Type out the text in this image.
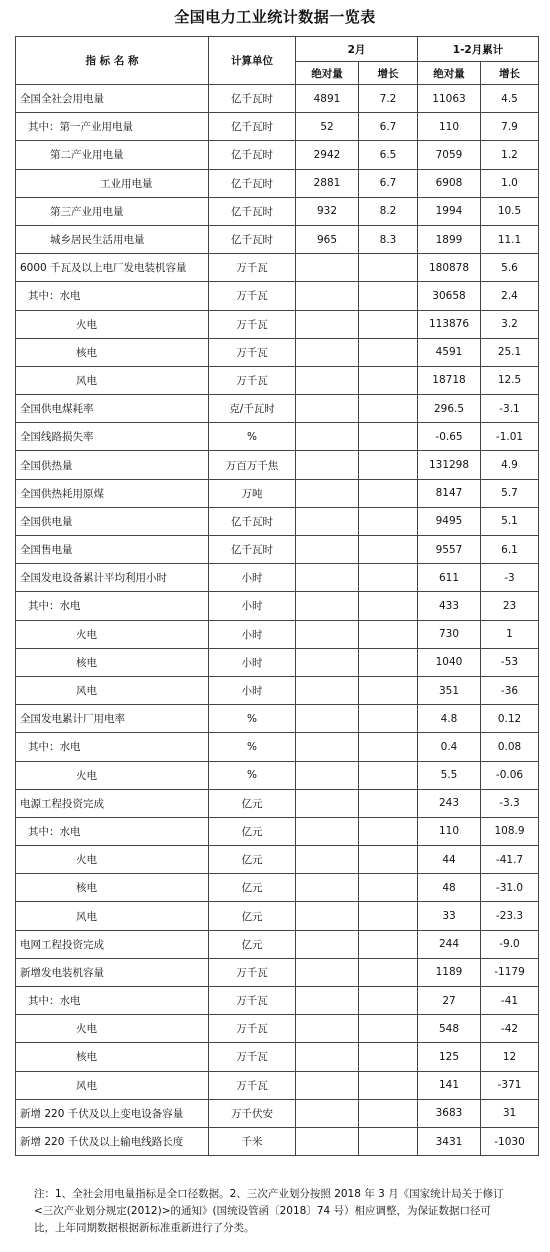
全国电力工业统计数据一览表
指 标 名 称	计算单位	2月		1-2月累计	
		绝对量	增长	绝对量	增长
全国全社会用电量	亿千瓦时	4891	7.2	11063	4.5
其中：第一产业用电量	亿千瓦时	52	6.7	110	7.9
第二产业用电量	亿千瓦时	2942	6.5	7059	1.2
工业用电量	亿千瓦时	2881	6.7	6908	1.0
第三产业用电量	亿千瓦时	932	8.2	1994	10.5
城乡居民生活用电量	亿千瓦时	965	8.3	1899	11.1
6000 千瓦及以上电厂发电装机容量	万千瓦			180878	5.6
其中：水电	万千瓦			30658	2.4
火电	万千瓦			113876	3.2
核电	万千瓦			4591	25.1
风电	万千瓦			18718	12.5
全国供电煤耗率	克/千瓦时			296.5	-3.1
全国线路损失率	%			-0.65	-1.01
全国供热量	万百万千焦			131298	4.9
全国供热耗用原煤	万吨			8147	5.7
全国供电量	亿千瓦时			9495	5.1
全国售电量	亿千瓦时			9557	6.1
全国发电设备累计平均利用小时	小时			611	-3
其中：水电	小时			433	23
火电	小时			730	1
核电	小时			1040	-53
风电	小时			351	-36
全国发电累计厂用电率	%			4.8	0.12
其中：水电	%			0.4	0.08
火电	%			5.5	-0.06
电源工程投资完成	亿元			243	-3.3
其中：水电	亿元			110	108.9
火电	亿元			44	-41.7
核电	亿元			48	-31.0
风电	亿元			33	-23.3
电网工程投资完成	亿元			244	-9.0
新增发电装机容量	万千瓦			1189	-1179
其中：水电	万千瓦			27	-41
火电	万千瓦			548	-42
核电	万千瓦			125	12
风电	万千瓦			141	-371
新增 220 千伏及以上变电设备容量	万千伏安			3683	31
新增 220 千伏及以上输电线路长度	千米			3431	-1030
注：1、全社会用电量指标是全口径数据。2、三次产业划分按照 2018 年 3 月《国家统计局关于修订<三次产业划分规定(2012)>的通知》(国统设管函〔2018〕74 号）相应调整，为保证数据口径可比，上年同期数据根据新标准重新进行了分类。
